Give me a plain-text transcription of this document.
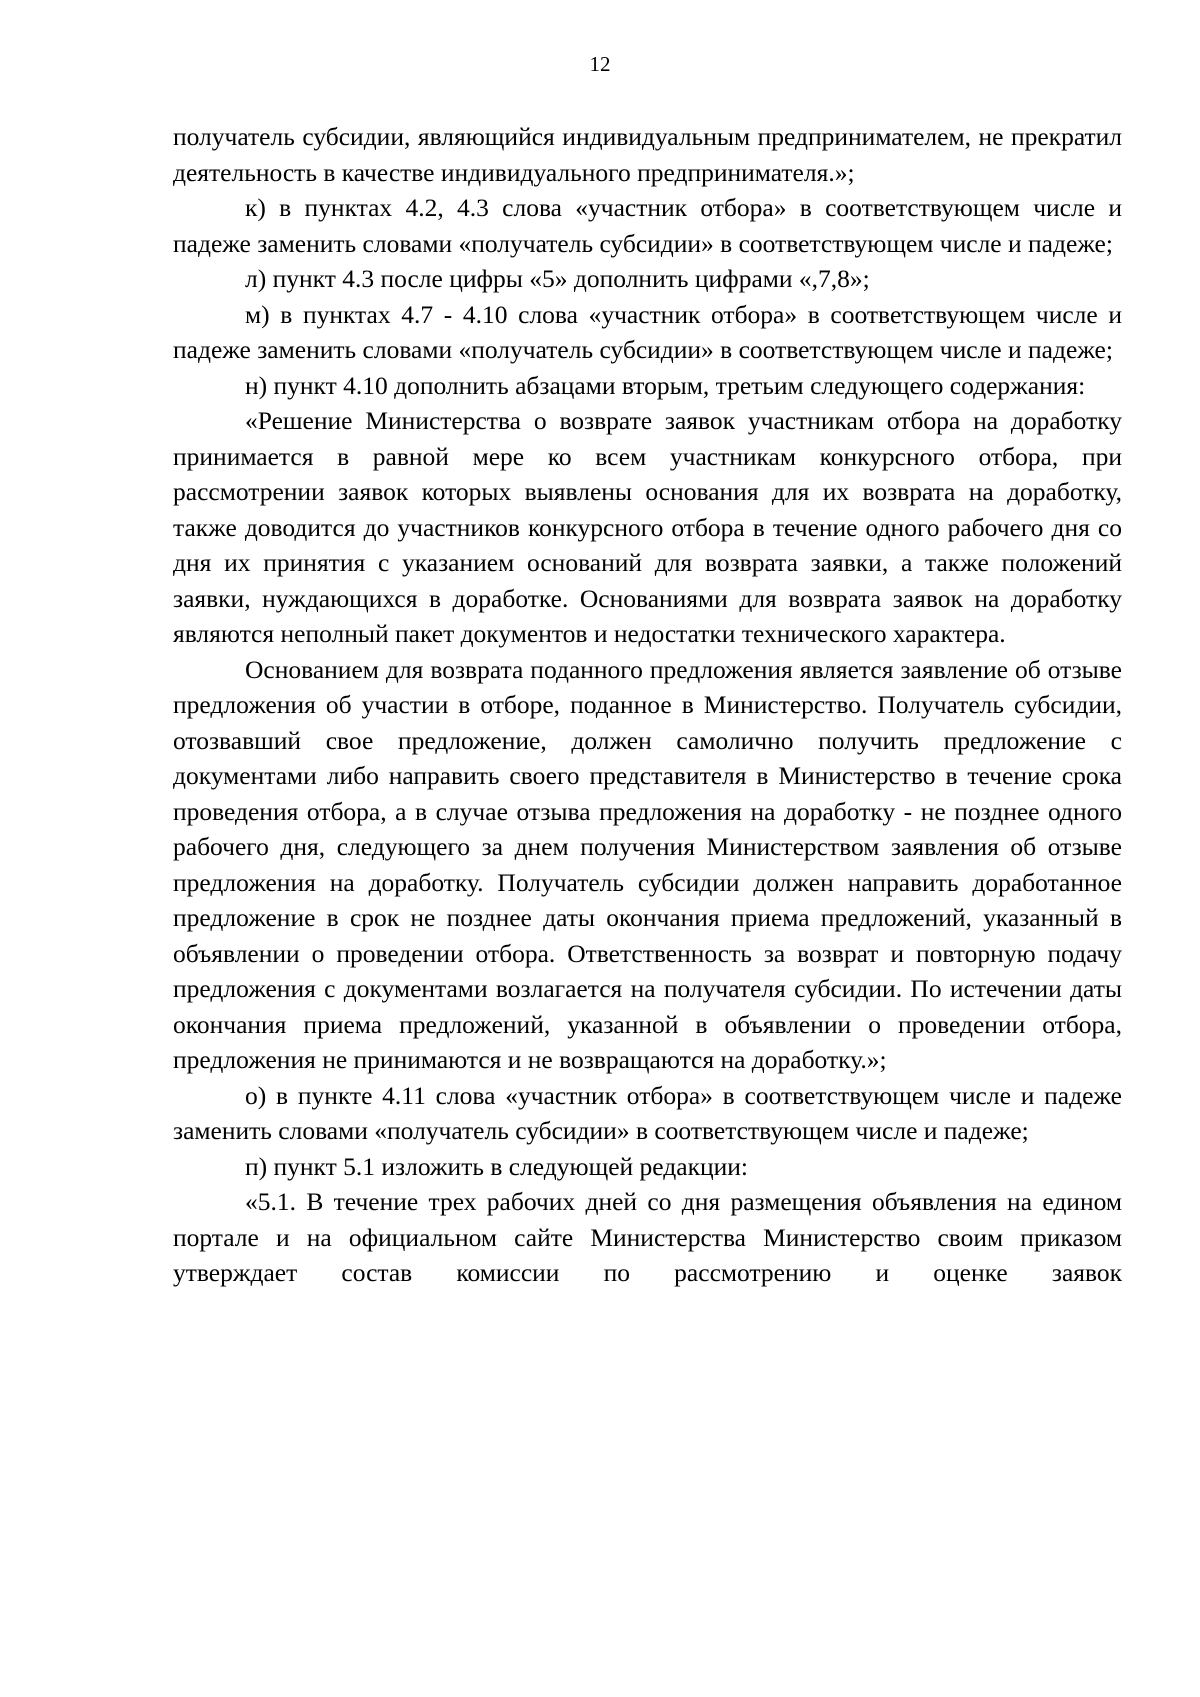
12

получатель субсидии, являющийся индивидуальным предпринимателем, не прекратил деятельность в качестве индивидуального предпринимателя.»;

к) в пунктах 4.2, 4.3 слова «участник отбора» в соответствующем числе и падеже заменить словами «получатель субсидии» в соответствующем числе и падеже;

л) пункт 4.3 после цифры «5» дополнить цифрами «,7,8»;

м) в пунктах 4.7 - 4.10 слова «участник отбора» в соответствующем числе и падеже заменить словами «получатель субсидии» в соответствующем числе и падеже;

н) пункт 4.10 дополнить абзацами вторым, третьим следующего содержания:

«Решение Министерства о возврате заявок участникам отбора на доработку принимается в равной мере ко всем участникам конкурсного отбора, при рассмотрении заявок которых выявлены основания для их возврата на доработку, также доводится до участников конкурсного отбора в течение одного рабочего дня со дня их принятия с указанием оснований для возврата заявки, а также положений заявки, нуждающихся в доработке. Основаниями для возврата заявок на доработку являются неполный пакет документов и недостатки технического характера.

Основанием для возврата поданного предложения является заявление об отзыве предложения об участии в отборе, поданное в Министерство. Получатель субсидии, отозвавший свое предложение, должен самолично получить предложение с документами либо направить своего представителя в Министерство в течение срока проведения отбора, а в случае отзыва предложения на доработку - не позднее одного рабочего дня, следующего за днем получения Министерством заявления об отзыве предложения на доработку. Получатель субсидии должен направить доработанное предложение в срок не позднее даты окончания приема предложений, указанный в объявлении о проведении отбора. Ответственность за возврат и повторную подачу предложения с документами возлагается на получателя субсидии. По истечении даты окончания приема предложений, указанной в объявлении о проведении отбора, предложения не принимаются и не возвращаются на доработку.»;

о) в пункте 4.11 слова «участник отбора» в соответствующем числе и падеже заменить словами «получатель субсидии» в соответствующем числе и падеже;

п) пункт 5.1 изложить в следующей редакции:

«5.1. В течение трех рабочих дней со дня размещения объявления на едином портале и на официальном сайте Министерства Министерство своим приказом утверждает состав комиссии по рассмотрению и оценке заявок
